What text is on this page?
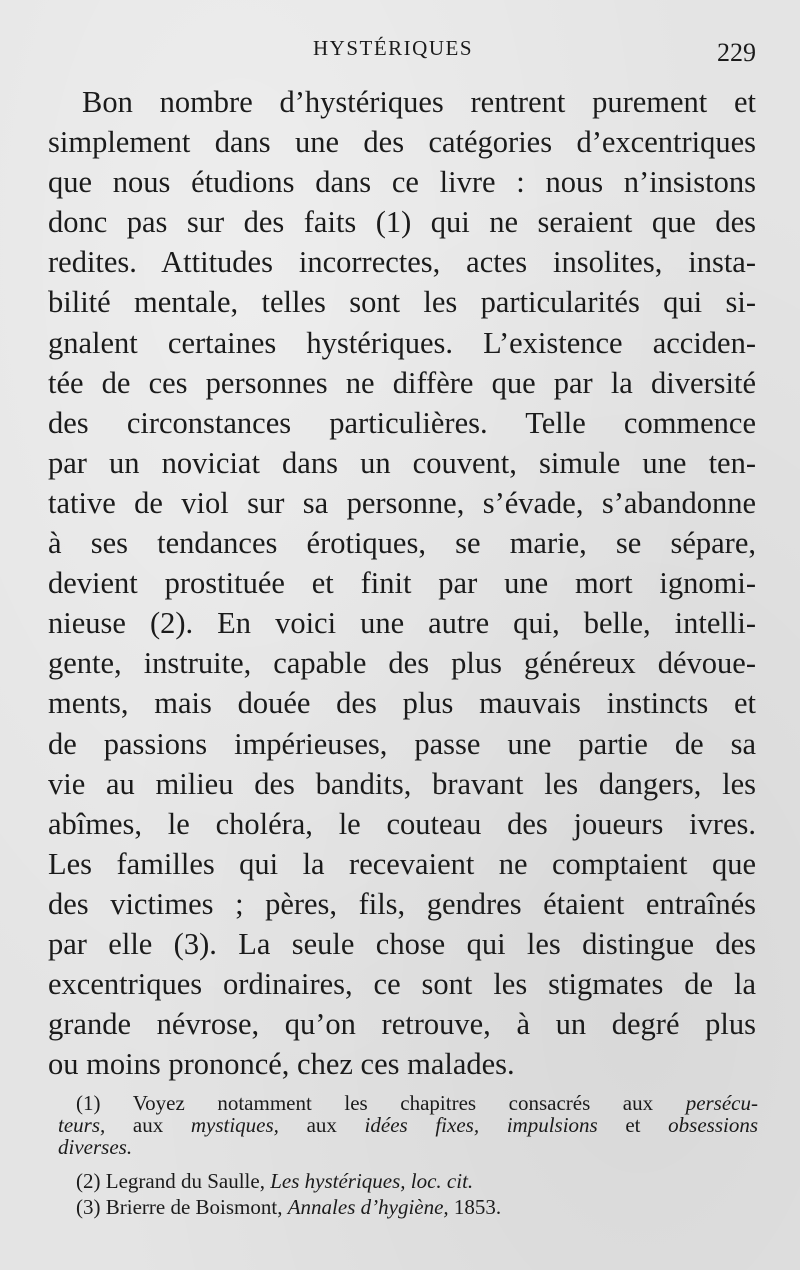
HYSTÉRIQUES	229
Bon nombre d’hystériques rentrent purement et
simplement dans une des catégories d’excentriques
que nous étudions dans ce livre : nous n’insistons
donc pas sur des faits (1) qui ne seraient que des
redites. Attitudes incorrectes, actes insolites, insta-
bilité mentale, telles sont les particularités qui si-
gnalent certaines hystériques. L’existence acciden-
tée de ces personnes ne diffère que par la diversité
des circonstances particulières. Telle commence
par un noviciat dans un couvent, simule une ten-
tative de viol sur sa personne, s’évade, s’abandonne
à ses tendances érotiques, se marie, se sépare,
devient prostituée et finit par une mort ignomi-
nieuse (2). En voici une autre qui, belle, intelli-
gente, instruite, capable des plus généreux dévoue-
ments, mais douée des plus mauvais instincts et
de passions impérieuses, passe une partie de sa
vie au milieu des bandits, bravant les dangers, les
abîmes, le choléra, le couteau des joueurs ivres.
Les familles qui la recevaient ne comptaient que
des victimes ; pères, fils, gendres étaient entraînés
par elle (3). La seule chose qui les distingue des
excentriques ordinaires, ce sont les stigmates de la
grande névrose, qu’on retrouve, à un degré plus
ou moins prononcé, chez ces malades.
(1) Voyez notamment les chapitres consacrés aux persécu-
teurs, aux mystiques, aux idées fixes, impulsions et obsessions
diverses.
(2) Legrand du Saulle, Les hystériques, loc. cit.
(3) Brierre de Boismont, Annales d’hygiène, 1853.
